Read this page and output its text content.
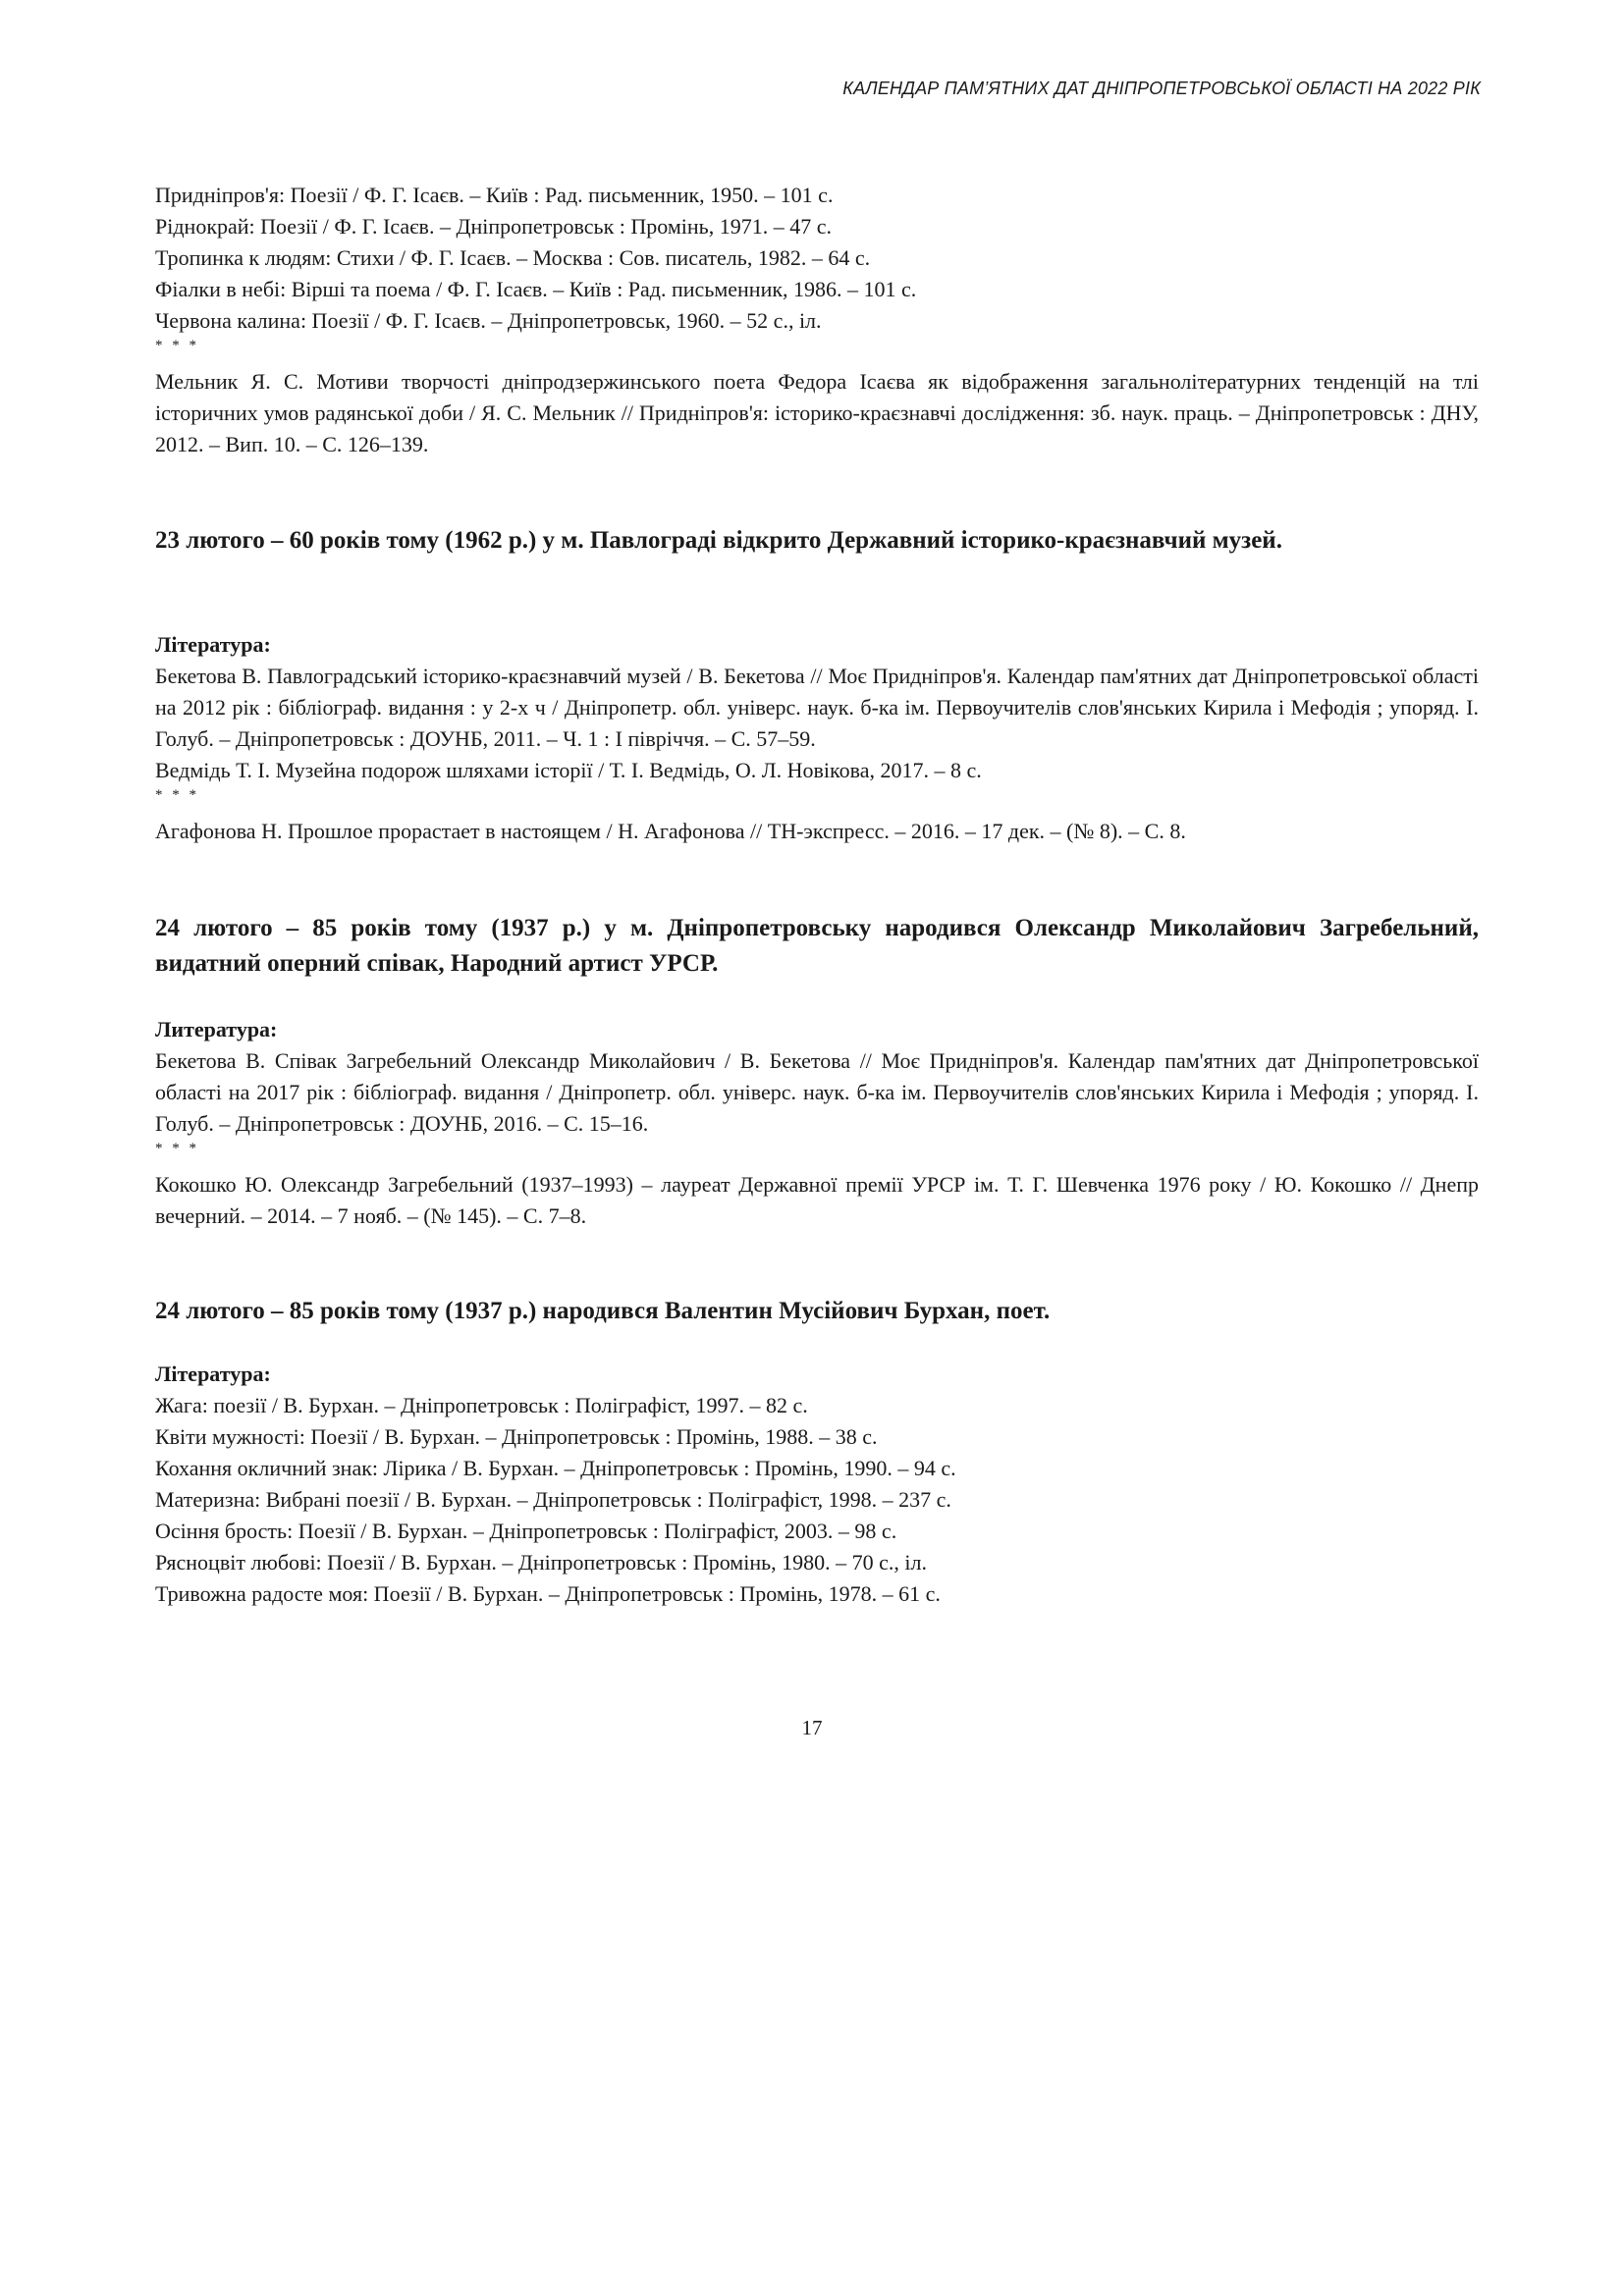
КАЛЕНДАР ПАМ’ЯТНИХ ДАТ ДНІПРОПЕТРОВСЬКОЇ ОБЛАСТІ НА 2022 РІК
Придніпров'я: Поезії / Ф. Г. Ісаєв. – Київ : Рад. письменник, 1950. – 101 с.
Ріднокрай: Поезії / Ф. Г. Ісаєв. – Дніпропетровськ : Промінь, 1971. – 47 с.
Тропинка к людям: Стихи / Ф. Г. Ісаєв. – Москва : Сов. писатель, 1982. – 64 с.
Фіалки в небі: Вірші та поема / Ф. Г. Ісаєв. – Київ : Рад. письменник, 1986. – 101 с.
Червона калина: Поезії / Ф. Г. Ісаєв. – Дніпропетровськ, 1960. – 52 с., іл.
* * *
Мельник Я. С. Мотиви творчості дніпродзержинського поета Федора Ісаєва як відображення загальнолітературних тенденцій на тлі історичних умов радянської доби / Я. С. Мельник // Придніпров'я: історико-краєзнавчі дослідження: зб. наук. праць. – Дніпропетровськ : ДНУ, 2012. – Вип. 10. – С. 126–139.
23 лютого – 60 років тому (1962 р.) у м. Павлограді відкрито Державний історико-краєзнавчий музей.
Література:
Бекетова В. Павлоградський історико-краєзнавчий музей / В. Бекетова // Моє Придніпров'я. Календар пам'ятних дат Дніпропетровської області на 2012 рік : бібліограф. видання : у 2-х ч / Дніпропетр. обл. універс. наук. б-ка ім. Первоучителів слов'янських Кирила і Мефодія ; упоряд. І. Голуб. – Дніпропетровськ : ДОУНБ, 2011. – Ч. 1 : І півріччя. – С. 57–59.
Ведмідь Т. І. Музейна подорож шляхами історії / Т. І. Ведмідь, О. Л. Новікова, 2017. – 8 с.
* * *
Агафонова Н. Прошлое прорастает в настоящем / Н. Агафонова // ТН-экспресс. – 2016. – 17 дек. – (№ 8). – С. 8.
24 лютого – 85 років тому (1937 р.) у м. Дніпропетровську народився Олександр Миколайович Загребельний, видатний оперний співак, Народний артист УРСР.
Литература:
Бекетова В. Співак Загребельний Олександр Миколайович / В. Бекетова // Моє Придніпров'я. Календар пам'ятних дат Дніпропетровської області на 2017 рік : бібліограф. видання / Дніпропетр. обл. універс. наук. б-ка ім. Первоучителів слов'янських Кирила і Мефодія ; упоряд. І. Голуб. – Дніпропетровськ : ДОУНБ, 2016. – С. 15–16.
* * *
Кокошко Ю. Олександр Загребельний (1937–1993) – лауреат Державної премії УРСР ім. Т. Г. Шевченка 1976 року / Ю. Кокошко // Днепр вечерний. – 2014. – 7 нояб. – (№ 145). – С. 7–8.
24 лютого – 85 років тому (1937 р.) народився Валентин Мусійович Бурхан, поет.
Література:
Жага: поезії / В. Бурхан. – Дніпропетровськ : Поліграфіст, 1997. – 82 с.
Квіти мужності: Поезії / В. Бурхан. – Дніпропетровськ : Промінь, 1988. – 38 с.
Кохання окличний знак: Лірика / В. Бурхан. – Дніпропетровськ : Промінь, 1990. – 94 с.
Материзна: Вибрані поезії / В. Бурхан. – Дніпропетровськ : Поліграфіст, 1998. – 237 с.
Осіння брость: Поезії / В. Бурхан. – Дніпропетровськ : Поліграфіст, 2003. – 98 с.
Рясноцвіт любові: Поезії / В. Бурхан. – Дніпропетровськ : Промінь, 1980. – 70 с., іл.
Тривожна радосте моя: Поезії / В. Бурхан. – Дніпропетровськ : Промінь, 1978. – 61 с.
17
